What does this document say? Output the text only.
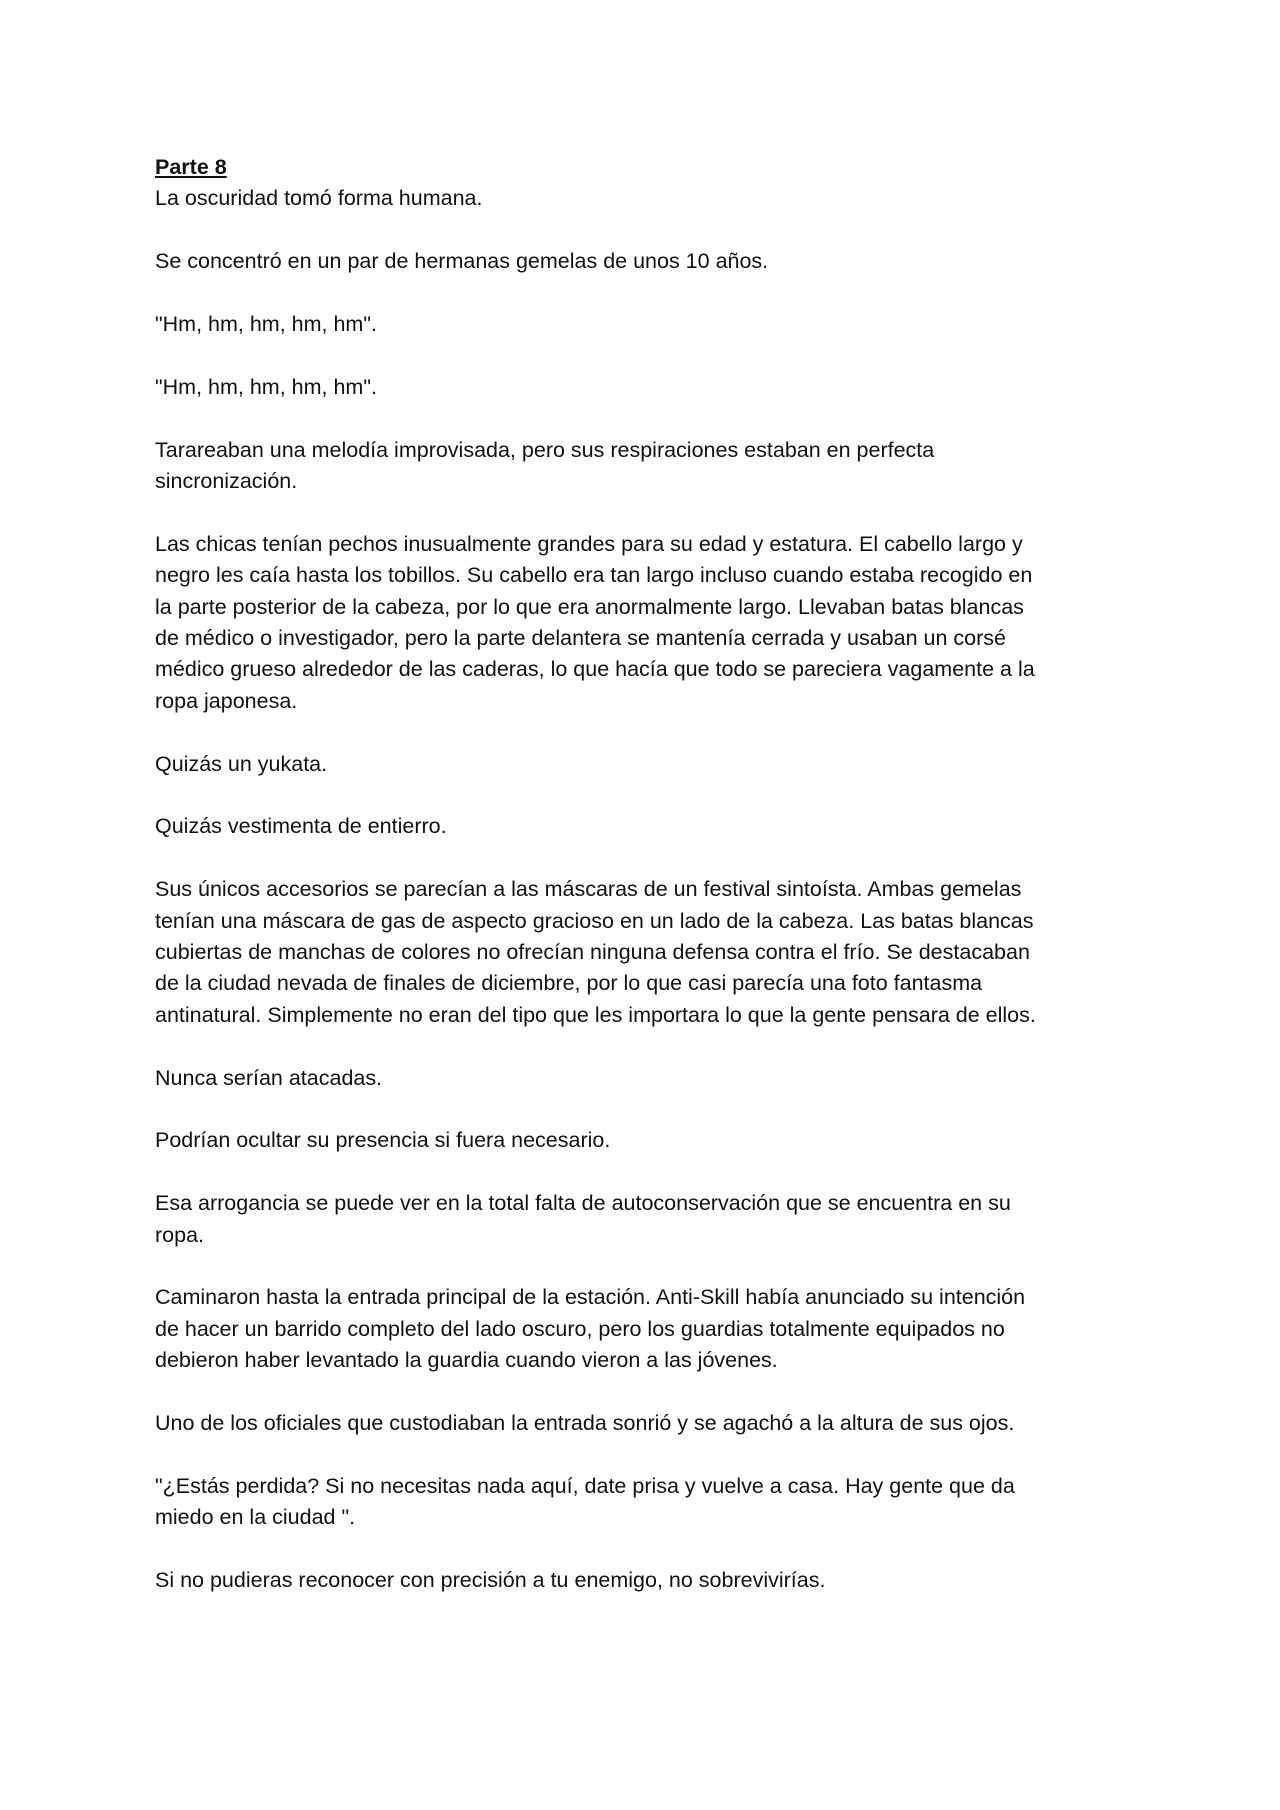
Parte 8
La oscuridad tomó forma humana.
Se concentró en un par de hermanas gemelas de unos 10 años.
"Hm, hm, hm, hm, hm".
"Hm, hm, hm, hm, hm".
Tarareaban una melodía improvisada, pero sus respiraciones estaban en perfecta
sincronización.
Las chicas tenían pechos inusualmente grandes para su edad y estatura. El cabello largo y
negro les caía hasta los tobillos. Su cabello era tan largo incluso cuando estaba recogido en
la parte posterior de la cabeza, por lo que era anormalmente largo. Llevaban batas blancas
de médico o investigador, pero la parte delantera se mantenía cerrada y usaban un corsé
médico grueso alrededor de las caderas, lo que hacía que todo se pareciera vagamente a la
ropa japonesa.
Quizás un yukata.
Quizás vestimenta de entierro.
Sus únicos accesorios se parecían a las máscaras de un festival sintoísta. Ambas gemelas
tenían una máscara de gas de aspecto gracioso en un lado de la cabeza. Las batas blancas
cubiertas de manchas de colores no ofrecían ninguna defensa contra el frío. Se destacaban
de la ciudad nevada de finales de diciembre, por lo que casi parecía una foto fantasma
antinatural. Simplemente no eran del tipo que les importara lo que la gente pensara de ellos.
Nunca serían atacadas.
Podrían ocultar su presencia si fuera necesario.
Esa arrogancia se puede ver en la total falta de autoconservación que se encuentra en su
ropa.
Caminaron hasta la entrada principal de la estación. Anti-Skill había anunciado su intención
de hacer un barrido completo del lado oscuro, pero los guardias totalmente equipados no
debieron haber levantado la guardia cuando vieron a las jóvenes.
Uno de los oficiales que custodiaban la entrada sonrió y se agachó a la altura de sus ojos.
"¿Estás perdida? Si no necesitas nada aquí, date prisa y vuelve a casa. Hay gente que da
miedo en la ciudad ".
Si no pudieras reconocer con precisión a tu enemigo, no sobrevivirías.
